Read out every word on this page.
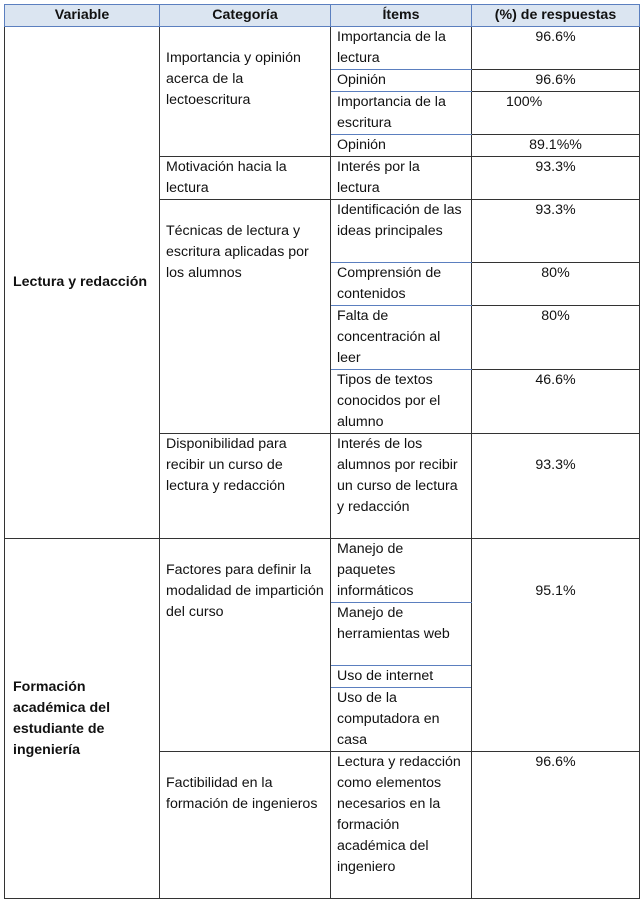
Variable	Categoría	Ítems	(%) de respuestas
Lectura y redacción	Importancia y opinión acerca de la lectoescritura	Importancia de la lectura	96.6%
		Opinión	96.6%
		Importancia de la escritura	100%
		Opinión	89.1%%
	Motivación hacia la lectura	Interés por la lectura	93.3%
	Técnicas de lectura y escritura aplicadas por los alumnos	Identificación de las ideas principales	93.3%
		Comprensión de contenidos	80%
		Falta de concentración al leer	80%
		Tipos de textos conocidos por el alumno	46.6%
	Disponibilidad para recibir un curso de lectura y redacción	Interés de los alumnos por recibir un curso de lectura y redacción	93.3%
Formación académica del estudiante de ingeniería	Factores para definir la modalidad de impartición del curso	Manejo de paquetes informáticos	95.1%
		Manejo de herramientas web	
		Uso de internet	
		Uso de la computadora en casa	
	Factibilidad en la formación de ingenieros	Lectura y redacción como elementos necesarios en la formación académica del ingeniero	96.6%
